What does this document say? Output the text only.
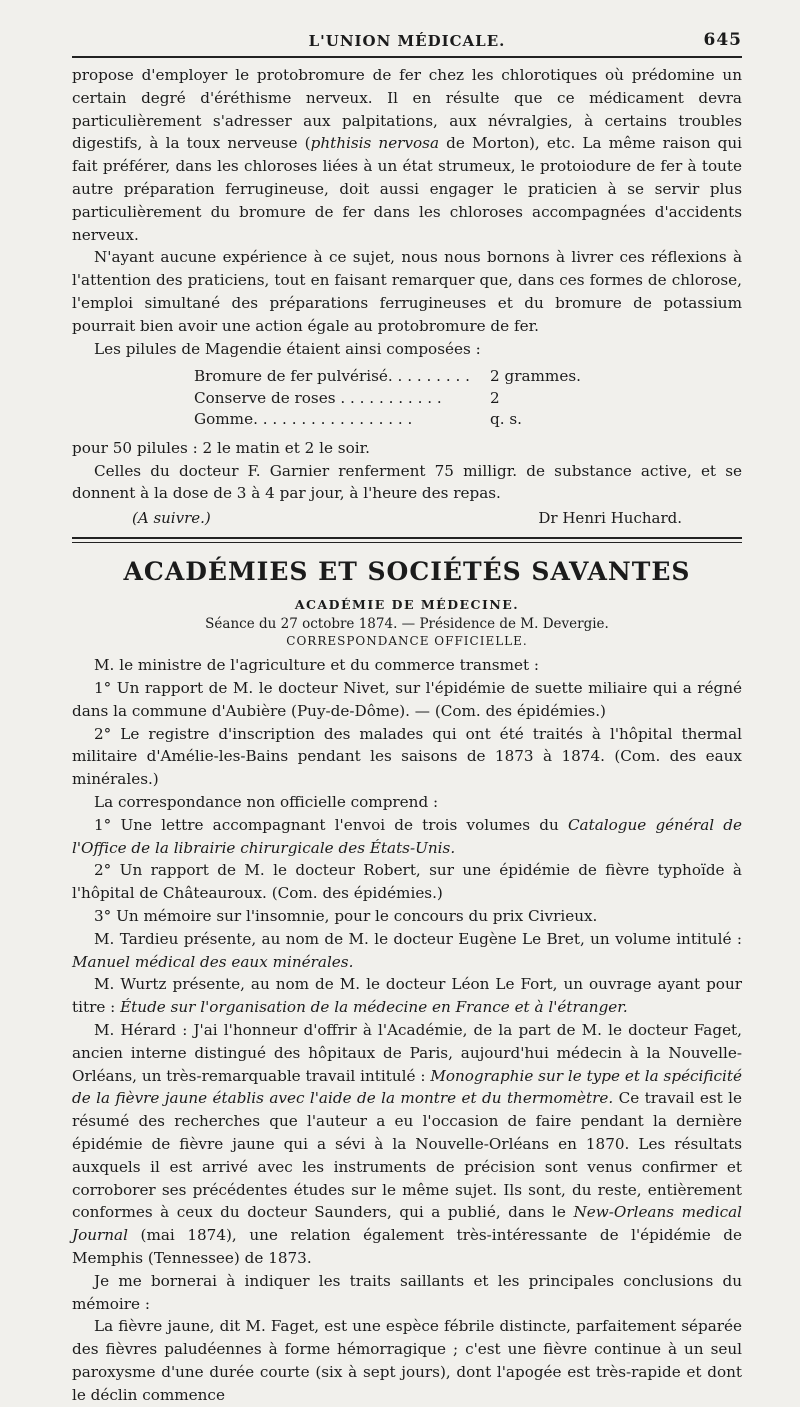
L'UNION MÉDICALE.	645

propose d'employer le protobromure de fer chez les chlorotiques où prédomine un certain degré d'éréthisme nerveux. Il en résulte que ce médicament devra particulièrement s'adresser aux palpitations, aux névralgies, à certains troubles digestifs, à la toux nerveuse (phthisis nervosa de Morton), etc. La même raison qui fait préférer, dans les chloroses liées à un état strumeux, le protoiodure de fer à toute autre préparation ferrugineuse, doit aussi engager le praticien à se servir plus particulièrement du bromure de fer dans les chloroses accompagnées d'accidents nerveux.

N'ayant aucune expérience à ce sujet, nous nous bornons à livrer ces réflexions à l'attention des praticiens, tout en faisant remarquer que, dans ces formes de chlorose, l'emploi simultané des préparations ferrugineuses et du bromure de potassium pourrait bien avoir une action égale au protobromure de fer.

Les pilules de Magendie étaient ainsi composées :

Bromure de fer pulvérisé. . . . . . . . .	2 grammes.
Conserve de roses . . . . . . . . . . .	2
Gomme. . . . . . . . . . . . . . . . .	q. s.

pour 50 pilules : 2 le matin et 2 le soir.

Celles du docteur F. Garnier renferment 75 milligr. de substance active, et se donnent à la dose de 3 à 4 par jour, à l'heure des repas.

(A suivre.)	Dr Henri Huchard.
ACADÉMIES ET SOCIÉTÉS SAVANTES
ACADÉMIE DE MÉDECINE.
Séance du 27 octobre 1874. — Présidence de M. Devergie.
CORRESPONDANCE OFFICIELLE.

M. le ministre de l'agriculture et du commerce transmet :

1° Un rapport de M. le docteur Nivet, sur l'épidémie de suette miliaire qui a régné dans la commune d'Aubière (Puy-de-Dôme). — (Com. des épidémies.)

2° Le registre d'inscription des malades qui ont été traités à l'hôpital thermal militaire d'Amélie-les-Bains pendant les saisons de 1873 à 1874. (Com. des eaux minérales.)

La correspondance non officielle comprend :

1° Une lettre accompagnant l'envoi de trois volumes du Catalogue général de l'Office de la librairie chirurgicale des États-Unis.

2° Un rapport de M. le docteur Robert, sur une épidémie de fièvre typhoïde à l'hôpital de Châteauroux. (Com. des épidémies.)

3° Un mémoire sur l'insomnie, pour le concours du prix Civrieux.

M. Tardieu présente, au nom de M. le docteur Eugène Le Bret, un volume intitulé : Manuel médical des eaux minérales.

M. Wurtz présente, au nom de M. le docteur Léon Le Fort, un ouvrage ayant pour titre : Étude sur l'organisation de la médecine en France et à l'étranger.

M. Hérard : J'ai l'honneur d'offrir à l'Académie, de la part de M. le docteur Faget, ancien interne distingué des hôpitaux de Paris, aujourd'hui médecin à la Nouvelle-Orléans, un très-remarquable travail intitulé : Monographie sur le type et la spécificité de la fièvre jaune établis avec l'aide de la montre et du thermomètre. Ce travail est le résumé des recherches que l'auteur a eu l'occasion de faire pendant la dernière épidémie de fièvre jaune qui a sévi à la Nouvelle-Orléans en 1870. Les résultats auxquels il est arrivé avec les instruments de précision sont venus confirmer et corroborer ses précédentes études sur le même sujet. Ils sont, du reste, entièrement conformes à ceux du docteur Saunders, qui a publié, dans le New-Orleans medical Journal (mai 1874), une relation également très-intéressante de l'épidémie de Memphis (Tennessee) de 1873.

Je me bornerai à indiquer les traits saillants et les principales conclusions du mémoire :

La fièvre jaune, dit M. Faget, est une espèce fébrile distincte, parfaitement séparée des fièvres paludéennes à forme hémorragique ; c'est une fièvre continue à un seul paroxysme d'une durée courte (six à sept jours), dont l'apogée est très-rapide et dont le déclin commence
